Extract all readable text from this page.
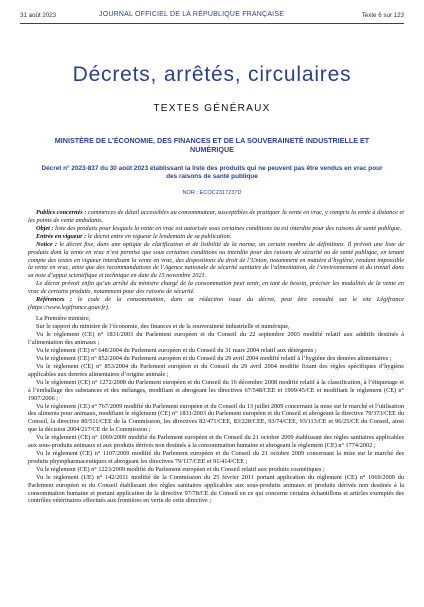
31 août 2023	JOURNAL OFFICIEL DE LA RÉPUBLIQUE FRANÇAISE	Texte 6 sur 123
Décrets, arrêtés, circulaires
TEXTES GÉNÉRAUX
MINISTÈRE DE L’ÉCONOMIE, DES FINANCES ET DE LA SOUVERAINETÉ INDUSTRIELLE ET NUMÉRIQUE
Décret n° 2023-837 du 30 août 2023 établissant la liste des produits qui ne peuvent pas être vendus en vrac pour des raisons de santé publique
NOR : ECOC2317237D

Publics concernés : commerces de détail accessibles au consommateur, susceptibles de pratiquer la vente en vrac, y compris la vente à distance et les points de vente ambulants.

Objet : liste des produits pour lesquels la vente en vrac est autorisée sous certaines conditions ou est interdite pour des raisons de santé publique.

Entrée en vigueur : le décret entre en vigueur le lendemain de sa publication.

Notice : le décret fixe, dans une optique de clarification et de lisibilité de la norme, un certain nombre de définitions. Il prévoit une liste de produits dont la vente en vrac n’est permise que sous certaines conditions ou interdite pour des raisons de sécurité ou de santé publique, en tenant compte des textes en vigueur interdisant la vente en vrac, des dispositions du droit de l’Union, notamment en matière d’hygiène, rendant impossible la vente en vrac, ainsi que des recommandations de l’Agence nationale de sécurité sanitaire de l’alimentation, de l’environnement et du travail dans sa note d’appui scientifique et technique en date du 15 novembre 2021.

Le décret prévoit enfin qu’un arrêté du ministre chargé de la consommation peut venir, en tant de besoin, préciser les modalités de la vente en vrac de certains produits, notamment pour des raisons de sécurité.

Références : le code de la consommation, dans sa rédaction issue du décret, peut être consulté sur le site Légifrance (https://www.legifrance.gouv.fr).

La Première ministre,

Sur le rapport du ministre de l’économie, des finances et de la souveraineté industrielle et numérique,

Vu le règlement (CE) n° 1831/2003 du Parlement européen et du Conseil du 22 septembre 2003 modifié relatif aux additifs destinés à l’alimentation des animaux ;

Vu le règlement (CE) n° 648/2004 du Parlement européen et du Conseil du 31 mars 2004 relatif aux détergents ;

Vu le règlement (CE) n° 852/2004 du Parlement européen et du Conseil du 29 avril 2004 modifié relatif à l’hygiène des denrées alimentaires ;

Vu le règlement (CE) n° 853/2004 du Parlement européen et du Conseil du 29 avril 2004 modifié fixant des règles spécifiques d’hygiène applicables aux denrées alimentaires d’origine animale ;

Vu le règlement (CE) n° 1272/2008 du Parlement européen et du Conseil du 16 décembre 2008 modifié relatif à la classification, à l’étiquetage et à l’emballage des substances et des mélanges, modifiant et abrogeant les directives 67/548/CEE et 1999/45/CE et modifiant le règlement (CE) n° 1907/2006 ;

Vu le règlement (CE) n° 767/2009 modifié du Parlement européen et du Conseil du 13 juillet 2009 concernant la mise sur le marché et l’utilisation des aliments pour animaux, modifiant le règlement (CE) n° 1831/2003 du Parlement européen et du Conseil et abrogeant la directive 79/373/CEE du Conseil, la directive 80/511/CEE de la Commission, les directives 82/471/CEE, 83/228/CEE, 93/74/CEE, 93/113/CE et 96/25/CE du Conseil, ainsi que la décision 2004/217/CE de la Commission ;

Vu le règlement (CE) n° 1069/2009 modifié du Parlement européen et du Conseil du 21 octobre 2009 établissant des règles sanitaires applicables aux sous-produits animaux et aux produits dérivés non destinés à la consommation humaine et abrogeant le règlement (CE) n° 1774/2002 ;

Vu le règlement (CE) n° 1107/2009 modifié du Parlement européen et du Conseil du 21 octobre 2009 concernant la mise sur le marché des produits phytopharmaceutiques et abrogeant les directives 79/117/CEE et 91/414/CEE ;

Vu le règlement (CE) n° 1223/2009 modifié du Parlement européen et du Conseil relatif aux produits cosmétiques ;

Vu le règlement (UE) n° 142/2011 modifié de la Commission du 25 février 2011 portant application du règlement (CE) n° 1069/2009 du Parlement européen et du Conseil établissant des règles sanitaires applicables aux sous-produits animaux et produits dérivés non destinés à la consommation humaine et portant application de la directive 97/78/CE du Conseil en ce qui concerne certains échantillons et articles exemptés des contrôles vétérinaires effectués aux frontières en vertu de cette directive ;
